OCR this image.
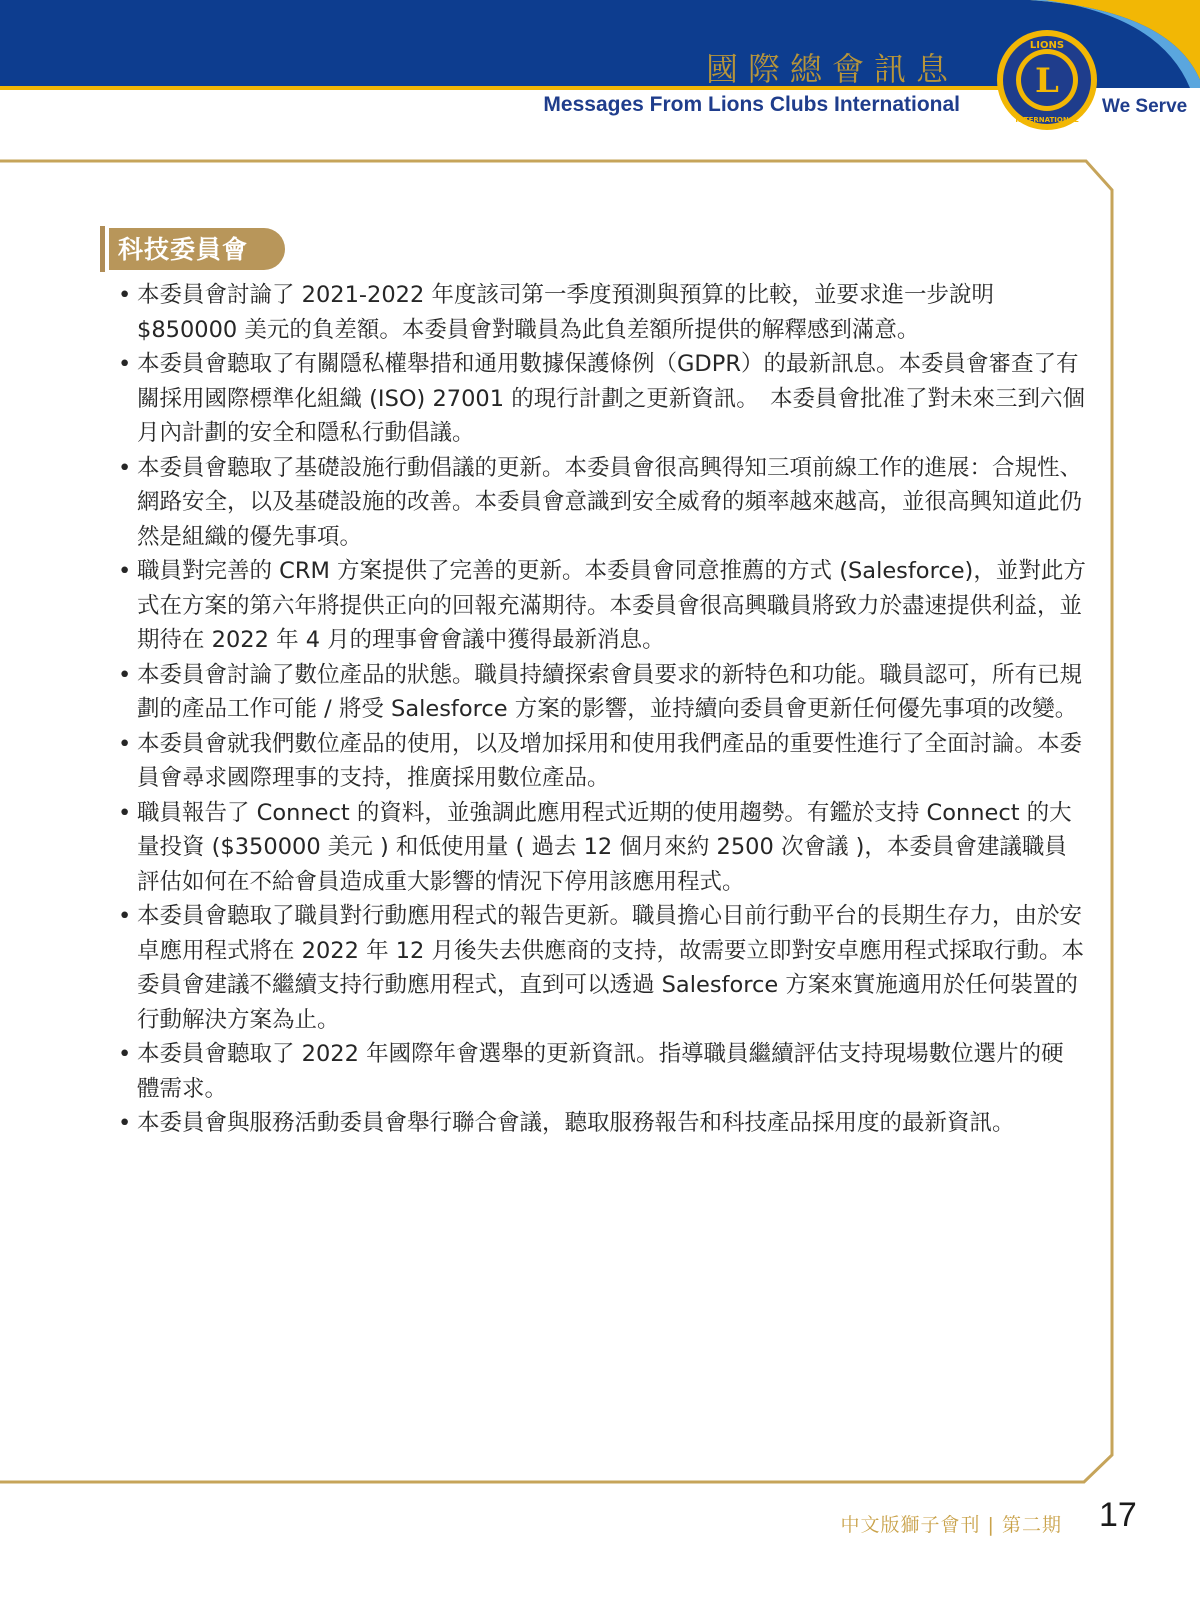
國際總會訊息
Messages From Lions Clubs International	We Serve
L
LIONS
INTERNATIONAL
科技委員會
• 本委員會討論了 2021-2022 年度該司第一季度預測與預算的比較，並要求進一步說明 $850000 美元的負差額。本委員會對職員為此負差額所提供的解釋感到滿意。
• 本委員會聽取了有關隱私權舉措和通用數據保護條例（GDPR）的最新訊息。本委員會審查了有關採用國際標準化組織 (ISO) 27001 的現行計劃之更新資訊。　本委員會批准了對未來三到六個月內計劃的安全和隱私行動倡議。
• 本委員會聽取了基礎設施行動倡議的更新。本委員會很高興得知三項前線工作的進展：合規性、網路安全，以及基礎設施的改善。本委員會意識到安全威脅的頻率越來越高，並很高興知道此仍然是組織的優先事項。
• 職員對完善的 CRM 方案提供了完善的更新。本委員會同意推薦的方式 (Salesforce)，並對此方式在方案的第六年將提供正向的回報充滿期待。本委員會很高興職員將致力於盡速提供利益，並期待在 2022 年 4 月的理事會會議中獲得最新消息。
• 本委員會討論了數位產品的狀態。職員持續探索會員要求的新特色和功能。職員認可，所有已規劃的產品工作可能 / 將受 Salesforce 方案的影響，並持續向委員會更新任何優先事項的改變。
• 本委員會就我們數位產品的使用，以及增加採用和使用我們產品的重要性進行了全面討論。本委員會尋求國際理事的支持，推廣採用數位產品。
• 職員報告了 Connect 的資料，並強調此應用程式近期的使用趨勢。有鑑於支持 Connect 的大量投資 ($350000 美元 ) 和低使用量 ( 過去 12 個月來約 2500 次會議 )，本委員會建議職員評估如何在不給會員造成重大影響的情況下停用該應用程式。
• 本委員會聽取了職員對行動應用程式的報告更新。職員擔心目前行動平台的長期生存力，由於安卓應用程式將在 2022 年 12 月後失去供應商的支持，故需要立即對安卓應用程式採取行動。本委員會建議不繼續支持行動應用程式，直到可以透過 Salesforce 方案來實施適用於任何裝置的行動解決方案為止。
• 本委員會聽取了 2022 年國際年會選舉的更新資訊。指導職員繼續評估支持現場數位選片的硬體需求。
• 本委員會與服務活動委員會舉行聯合會議，聽取服務報告和科技產品採用度的最新資訊。
中文版獅子會刊 | 第二期 17
